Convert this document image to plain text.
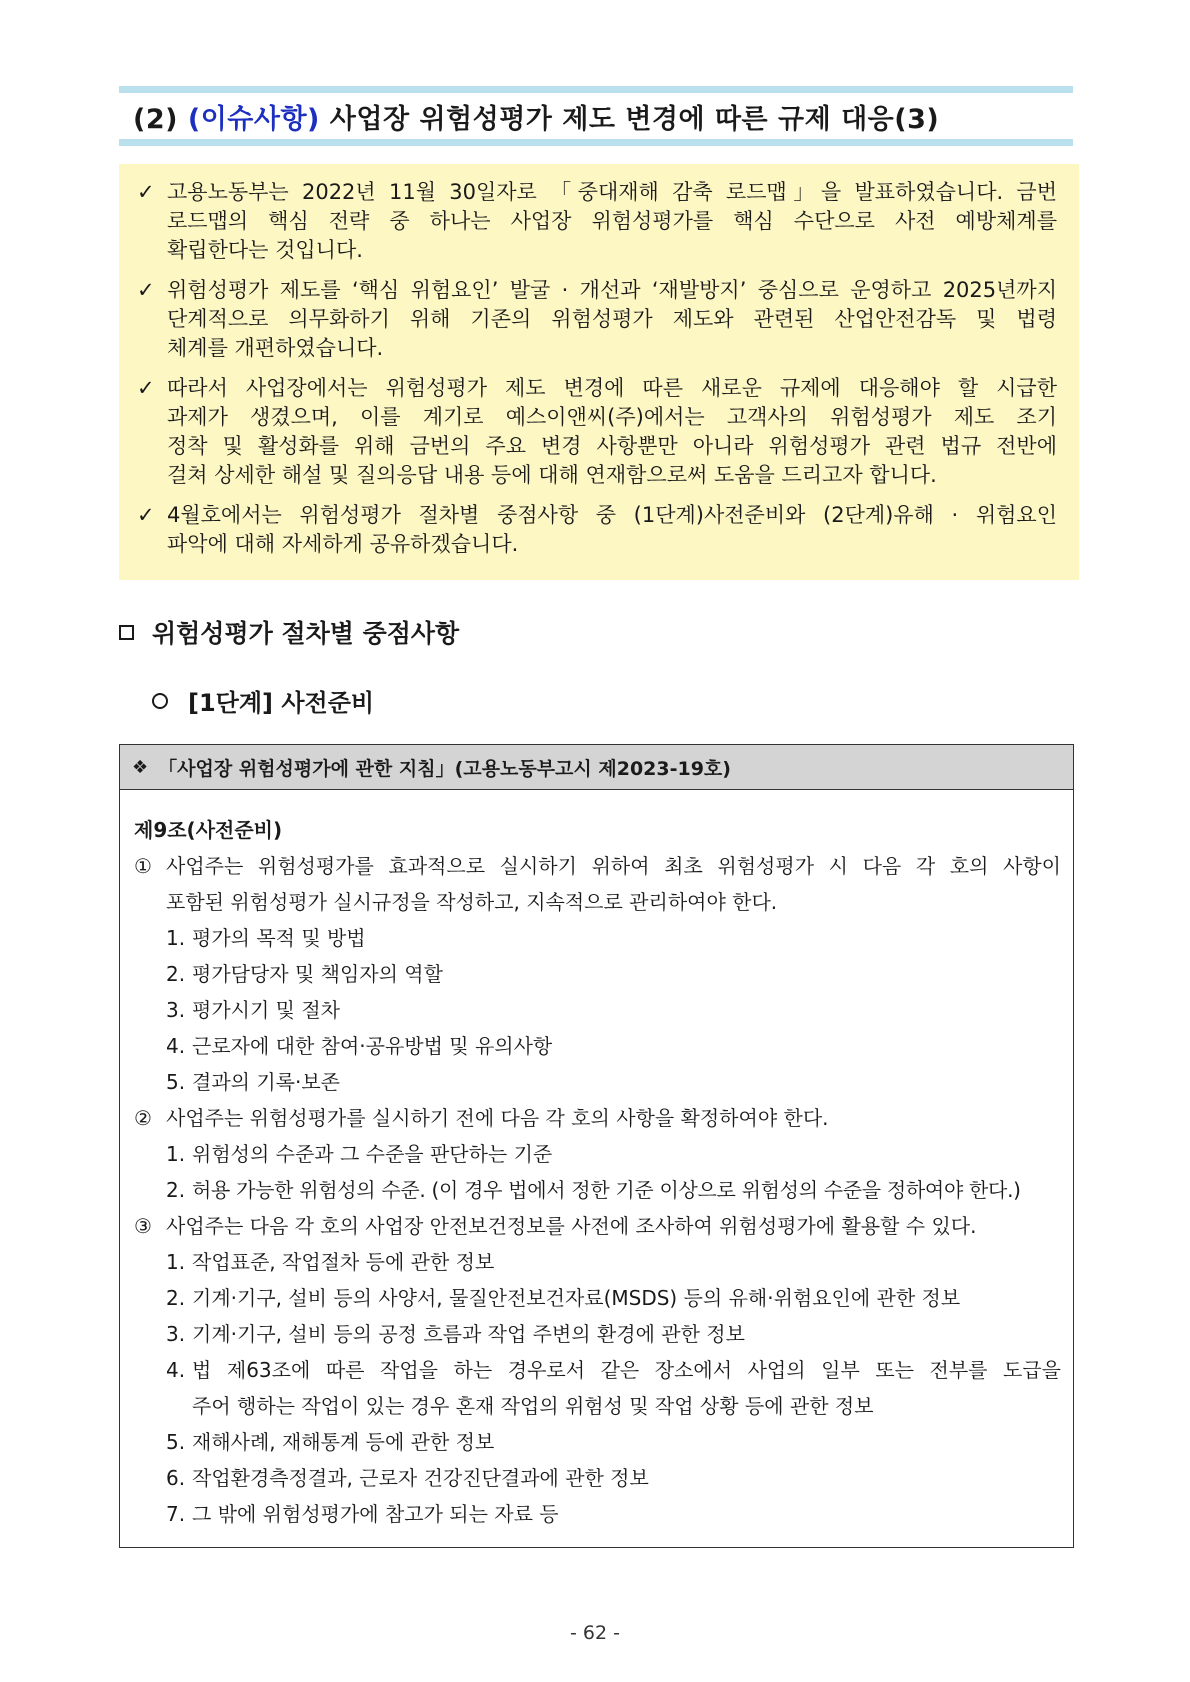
(2) (이슈사항) 사업장 위험성평가 제도 변경에 따른 규제 대응(3)
✓ 고용노동부는 2022년 11월 30일자로 「중대재해 감축 로드맵」을 발표하였습니다. 금번
로드맵의 핵심 전략 중 하나는 사업장 위험성평가를 핵심 수단으로 사전 예방체계를
확립한다는 것입니다.
✓ 위험성평가 제도를 ‘핵심 위험요인’ 발굴 · 개선과 ‘재발방지’ 중심으로 운영하고 2025년까지
단계적으로 의무화하기 위해 기존의 위험성평가 제도와 관련된 산업안전감독 및 법령
체계를 개편하였습니다.
✓ 따라서 사업장에서는 위험성평가 제도 변경에 따른 새로운 규제에 대응해야 할 시급한
과제가 생겼으며, 이를 계기로 예스이앤씨(주)에서는 고객사의 위험성평가 제도 조기
정착 및 활성화를 위해 금번의 주요 변경 사항뿐만 아니라 위험성평가 관련 법규 전반에
걸쳐 상세한 해설 및 질의응답 내용 등에 대해 연재함으로써 도움을 드리고자 합니다.
✓ 4월호에서는 위험성평가 절차별 중점사항 중 (1단계)사전준비와 (2단계)유해 · 위험요인
파악에 대해 자세하게 공유하겠습니다.
위험성평가 절차별 중점사항
[1단계] 사전준비
❖ 「사업장 위험성평가에 관한 지침」(고용노동부고시 제2023-19호)
제9조(사전준비)
① 사업주는 위험성평가를 효과적으로 실시하기 위하여 최초 위험성평가 시 다음 각 호의 사항이
포함된 위험성평가 실시규정을 작성하고, 지속적으로 관리하여야 한다.
1. 평가의 목적 및 방법
2. 평가담당자 및 책임자의 역할
3. 평가시기 및 절차
4. 근로자에 대한 참여·공유방법 및 유의사항
5. 결과의 기록·보존
② 사업주는 위험성평가를 실시하기 전에 다음 각 호의 사항을 확정하여야 한다.
1. 위험성의 수준과 그 수준을 판단하는 기준
2. 허용 가능한 위험성의 수준. (이 경우 법에서 정한 기준 이상으로 위험성의 수준을 정하여야 한다.)
③ 사업주는 다음 각 호의 사업장 안전보건정보를 사전에 조사하여 위험성평가에 활용할 수 있다.
1. 작업표준, 작업절차 등에 관한 정보
2. 기계·기구, 설비 등의 사양서, 물질안전보건자료(MSDS) 등의 유해·위험요인에 관한 정보
3. 기계·기구, 설비 등의 공정 흐름과 작업 주변의 환경에 관한 정보
4. 법 제63조에 따른 작업을 하는 경우로서 같은 장소에서 사업의 일부 또는 전부를 도급을
주어 행하는 작업이 있는 경우 혼재 작업의 위험성 및 작업 상황 등에 관한 정보
5. 재해사례, 재해통계 등에 관한 정보
6. 작업환경측정결과, 근로자 건강진단결과에 관한 정보
7. 그 밖에 위험성평가에 참고가 되는 자료 등
- 62 -
